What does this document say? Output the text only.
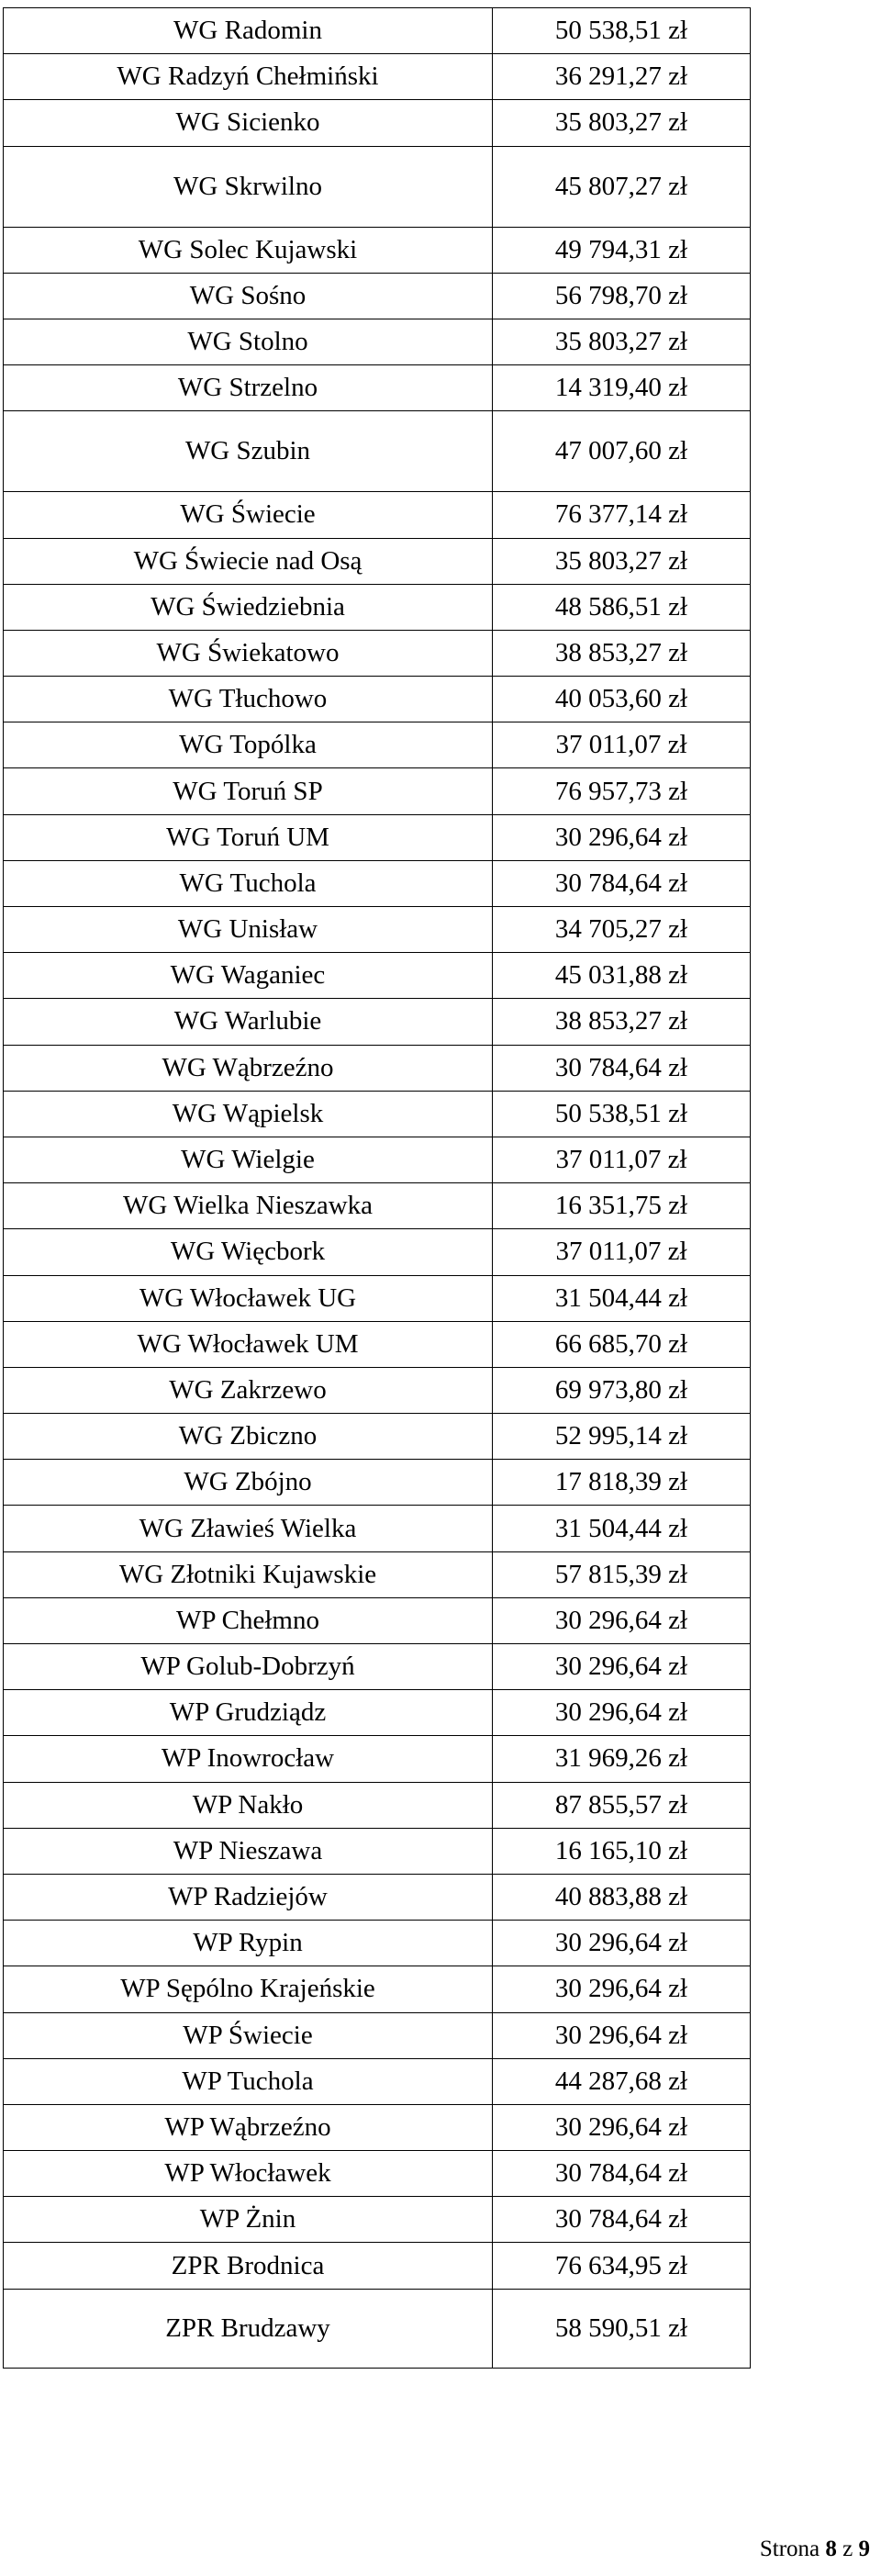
WG Radomin	50 538,51 zł
WG Radzyń Chełmiński	36 291,27 zł
WG Sicienko	35 803,27 zł
WG Skrwilno	45 807,27 zł
WG Solec Kujawski	49 794,31 zł
WG Sośno	56 798,70 zł
WG Stolno	35 803,27 zł
WG Strzelno	14 319,40 zł
WG Szubin	47 007,60 zł
WG Świecie	76 377,14 zł
WG Świecie nad Osą	35 803,27 zł
WG Świedziebnia	48 586,51 zł
WG Świekatowo	38 853,27 zł
WG Tłuchowo	40 053,60 zł
WG Topólka	37 011,07 zł
WG Toruń SP	76 957,73 zł
WG Toruń UM	30 296,64 zł
WG Tuchola	30 784,64 zł
WG Unisław	34 705,27 zł
WG Waganiec	45 031,88 zł
WG Warlubie	38 853,27 zł
WG Wąbrzeźno	30 784,64 zł
WG Wąpielsk	50 538,51 zł
WG Wielgie	37 011,07 zł
WG Wielka Nieszawka	16 351,75 zł
WG Więcbork	37 011,07 zł
WG Włocławek UG	31 504,44 zł
WG Włocławek UM	66 685,70 zł
WG Zakrzewo	69 973,80 zł
WG Zbiczno	52 995,14 zł
WG Zbójno	17 818,39 zł
WG Zławieś Wielka	31 504,44 zł
WG Złotniki Kujawskie	57 815,39 zł
WP Chełmno	30 296,64 zł
WP Golub-Dobrzyń	30 296,64 zł
WP Grudziądz	30 296,64 zł
WP Inowrocław	31 969,26 zł
WP Nakło	87 855,57 zł
WP Nieszawa	16 165,10 zł
WP Radziejów	40 883,88 zł
WP Rypin	30 296,64 zł
WP Sępólno Krajeńskie	30 296,64 zł
WP Świecie	30 296,64 zł
WP Tuchola	44 287,68 zł
WP Wąbrzeźno	30 296,64 zł
WP Włocławek	30 784,64 zł
WP Żnin	30 784,64 zł
ZPR Brodnica	76 634,95 zł
ZPR Brudzawy	58 590,51 zł
Strona 8 z 9
